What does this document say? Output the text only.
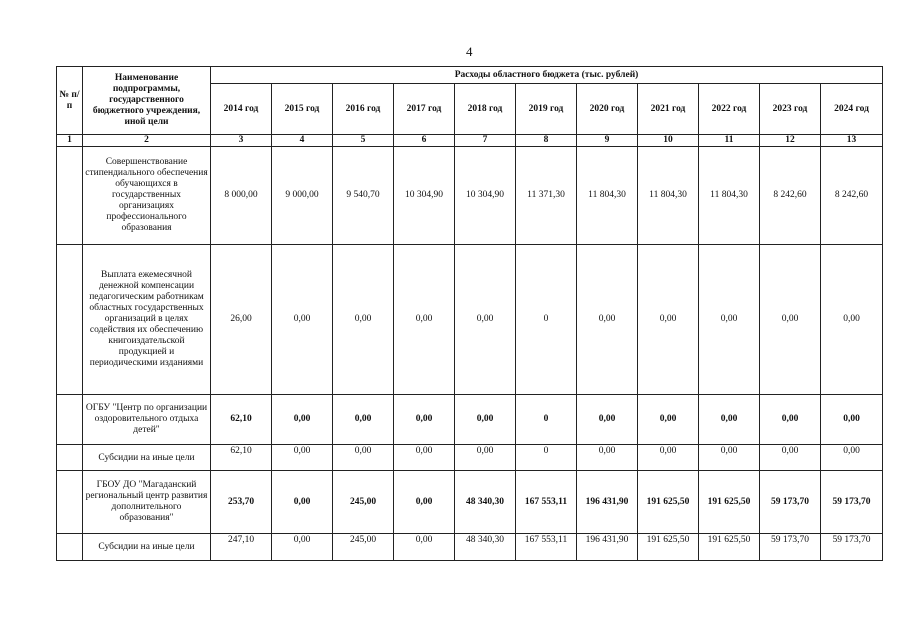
4
№ п/п	Наименование подпрограммы, государственного бюджетного учреждения, иной цели	Расходы областного бюджета (тыс. рублей)										
		2014 год	2015 год	2016 год	2017 год	2018 год	2019 год	2020 год	2021 год	2022 год	2023 год	2024 год
1	2	3	4	5	6	7	8	9	10	11	12	13
	Совершенствование стипендиального обеспечения обучающихся в государственных организациях профессионального образования	8 000,00	9 000,00	9 540,70	10 304,90	10 304,90	11 371,30	11 804,30	11 804,30	11 804,30	8 242,60	8 242,60
	Выплата ежемесячной денежной компенсации педагогическим работникам областных государственных организаций в целях содействия их обеспечению книгоиздательской продукцией и периодическими изданиями	26,00	0,00	0,00	0,00	0,00	0	0,00	0,00	0,00	0,00	0,00
	ОГБУ "Центр по организации оздоровительного отдыха детей"	62,10	0,00	0,00	0,00	0,00	0	0,00	0,00	0,00	0,00	0,00
	Субсидии на иные цели	62,10	0,00	0,00	0,00	0,00	0	0,00	0,00	0,00	0,00	0,00
	ГБОУ ДО "Магаданский региональный центр развития дополнительного образования"	253,70	0,00	245,00	0,00	48 340,30	167 553,11	196 431,90	191 625,50	191 625,50	59 173,70	59 173,70
	Субсидии на иные цели	247,10	0,00	245,00	0,00	48 340,30	167 553,11	196 431,90	191 625,50	191 625,50	59 173,70	59 173,70
